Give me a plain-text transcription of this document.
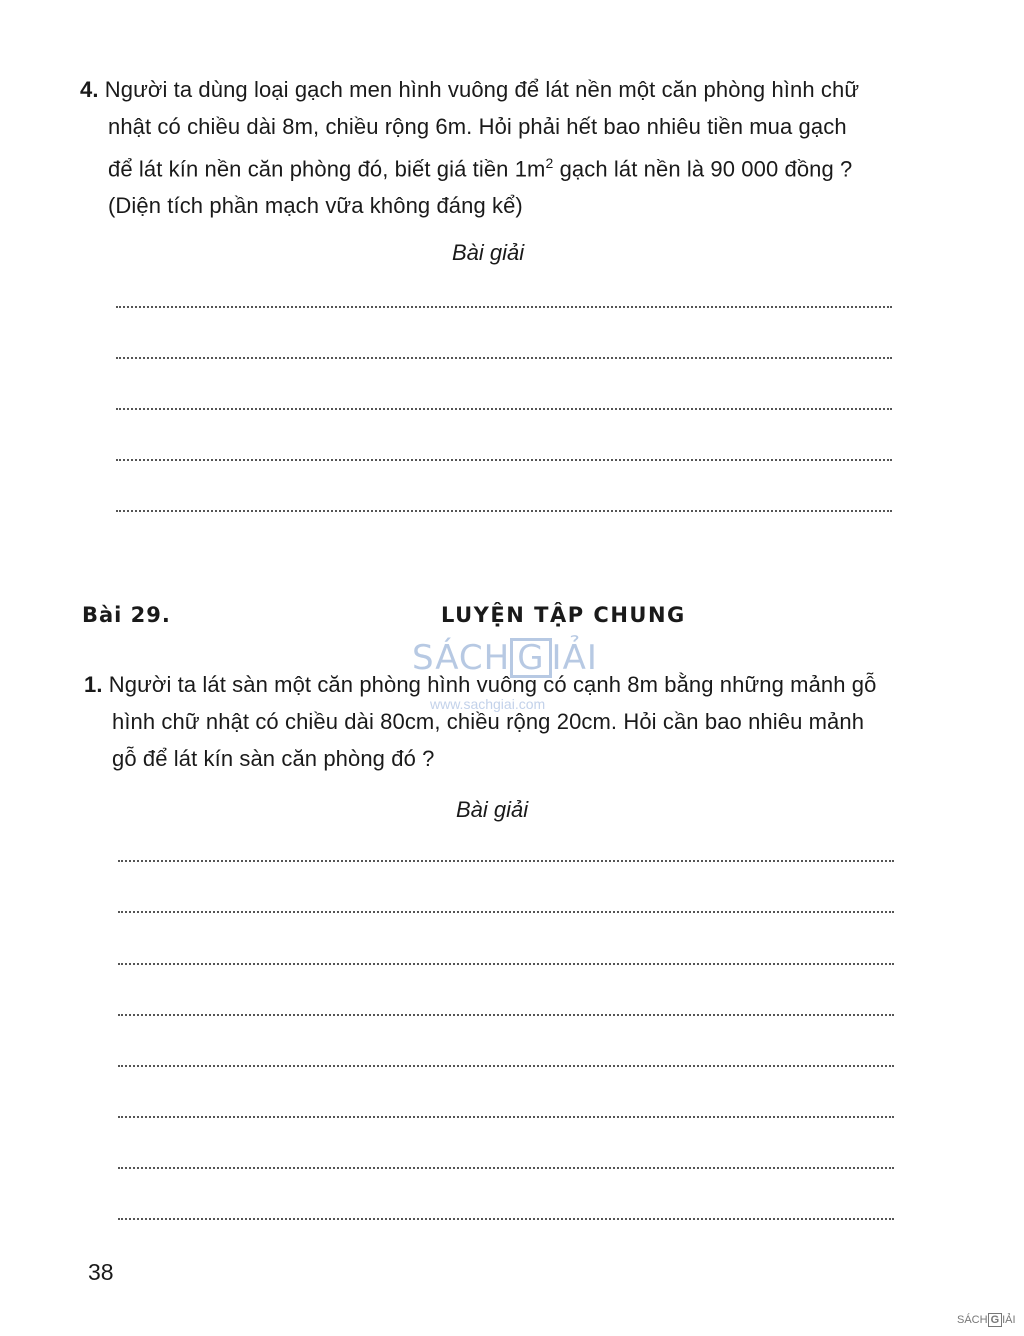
4. Người ta dùng loại gạch men hình vuông để lát nền một căn phòng hình chữ
nhật có chiều dài 8m, chiều rộng 6m. Hỏi phải hết bao nhiêu tiền mua gạch
để lát kín nền căn phòng đó, biết giá tiền $1m^2$ gạch lát nền là 90 000 đồng ?
(Diện tích phần mạch vữa không đáng kể)
Bài giải
Bài 29.	LUYỆN TẬP CHUNG
SÁCH G IẢI
www.sachgiai.com
1. Người ta lát sàn một căn phòng hình vuông có cạnh 8m bằng những mảnh gỗ
hình chữ nhật có chiều dài 80cm, chiều rộng 20cm. Hỏi cần bao nhiêu mảnh
gỗ để lát kín sàn căn phòng đó ?
Bài giải
38
SÁCH G IẢI
